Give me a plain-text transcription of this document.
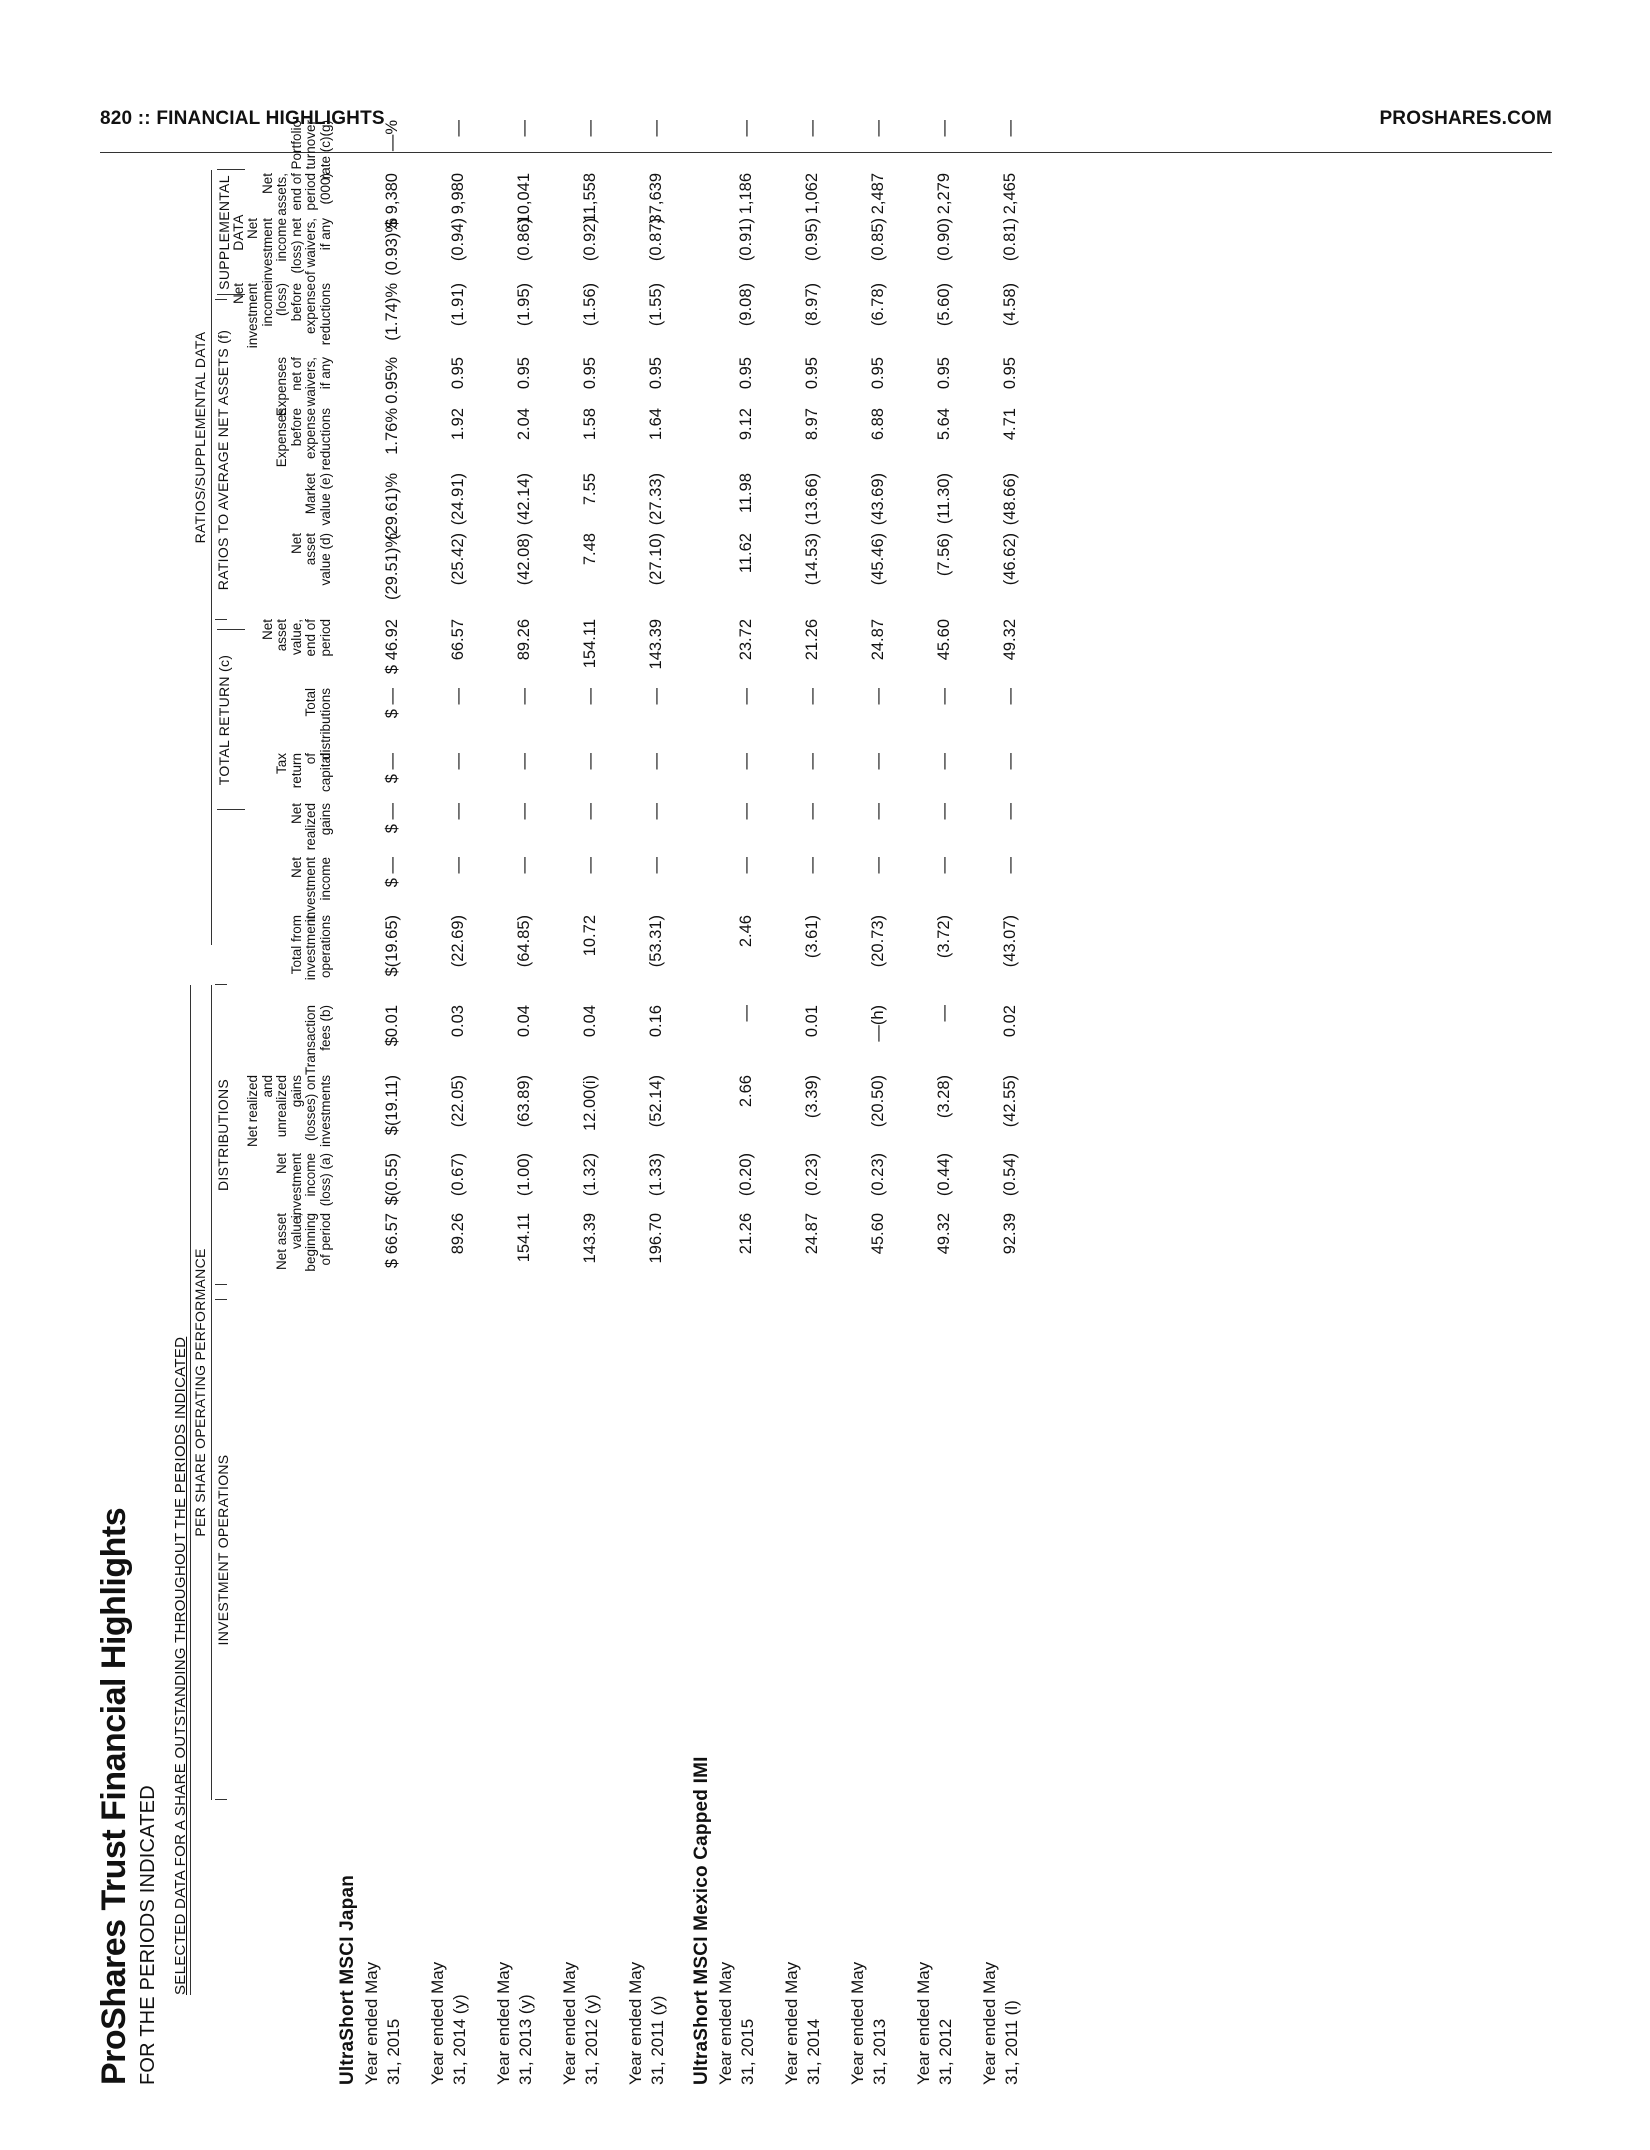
820 :: FINANCIAL HIGHLIGHTS	PROSHARES.COM
ProShares Trust Financial Highlights FOR THE PERIODS INDICATED SELECTED DATA FOR A SHARE OUTSTANDING THROUGHOUT THE PERIODS INDICATED PER SHARE OPERATING PERFORMANCE
INVESTMENT OPERATIONS
DISTRIBUTIONS
RATIOS/SUPPLEMENTAL DATA
TOTAL RETURN (c)
RATIOS TO AVERAGE NET ASSETS (f)
SUPPLEMENTAL DATA
Net asset
value,
beginning
of period
Net
investment
income
(loss) (a)
Net realized
and
unrealized
gains
(losses) on
investments
Transaction
fees (b)
Total from
investment
operations
Net
investment
income
Net
realized
gains
Tax
return
of
capital
Total
distributions
Net
asset
value,
end of
period
Net
asset
value (d)
Market
value (e)
Expenses
before
expense
reductions
Expenses
net of
waivers,
if any
Net
investment
income
(loss)
before
expense
reductions
Net
investment
income
(loss) net
of waivers,
if any
Net
assets,
end of
period
(000)
Portfolio
turnover
rate (c)(g)
UltraShort MSCI Japan Year ended May 31, 2015
$ 66.57
$(0.55)
$(19.11)
$0.01
$(19.65)
$ —
$ —
$ —
$ —
$ 46.92
(29.51)%
(29.61)%
1.76%
0.95%
(1.74)%
(0.93)%
$ 9,380
—%
Year ended May 31, 2014 (y)
89.26
(0.67)
(22.05)
0.03
(22.69)
—
—
—
—
66.57
(25.42)
(24.91)
1.92
0.95
(1.91)
(0.94)
9,980
—
Year ended May 31, 2013 (y)
154.11
(1.00)
(63.89)
0.04
(64.85)
—
—
—
—
89.26
(42.08)
(42.14)
2.04
0.95
(1.95)
(0.86)
10,041
—
Year ended May 31, 2012 (y)
143.39
(1.32)
12.00(i)
0.04
10.72
—
—
—
—
154.11
7.48
7.55
1.58
0.95
(1.56)
(0.92)
11,558
—
Year ended May 31, 2011 (y)
196.70
(1.33)
(52.14)
0.16
(53.31)
—
—
—
—
143.39
(27.10)
(27.33)
1.64
0.95
(1.55)
(0.87)
37,639
—
UltraShort MSCI Mexico Capped IMI Year ended May 31, 2015
21.26
(0.20)
2.66
—
2.46
—
—
—
—
23.72
11.62
11.98
9.12
0.95
(9.08)
(0.91)
1,186
—
Year ended May 31, 2014
24.87
(0.23)
(3.39)
0.01
(3.61)
—
—
—
—
21.26
(14.53)
(13.66)
8.97
0.95
(8.97)
(0.95)
1,062
—
Year ended May 31, 2013
45.60
(0.23)
(20.50)
—(h)
(20.73)
—
—
—
—
24.87
(45.46)
(43.69)
6.88
0.95
(6.78)
(0.85)
2,487
—
Year ended May 31, 2012
49.32
(0.44)
(3.28)
—
(3.72)
—
—
—
—
45.60
(7.56)
(11.30)
5.64
0.95
(5.60)
(0.90)
2,279
—
Year ended May 31, 2011 (l)
92.39
(0.54)
(42.55)
0.02
(43.07)
—
—
—
—
49.32
(46.62)
(48.66)
4.71
0.95
(4.58)
(0.81)
2,465
—
